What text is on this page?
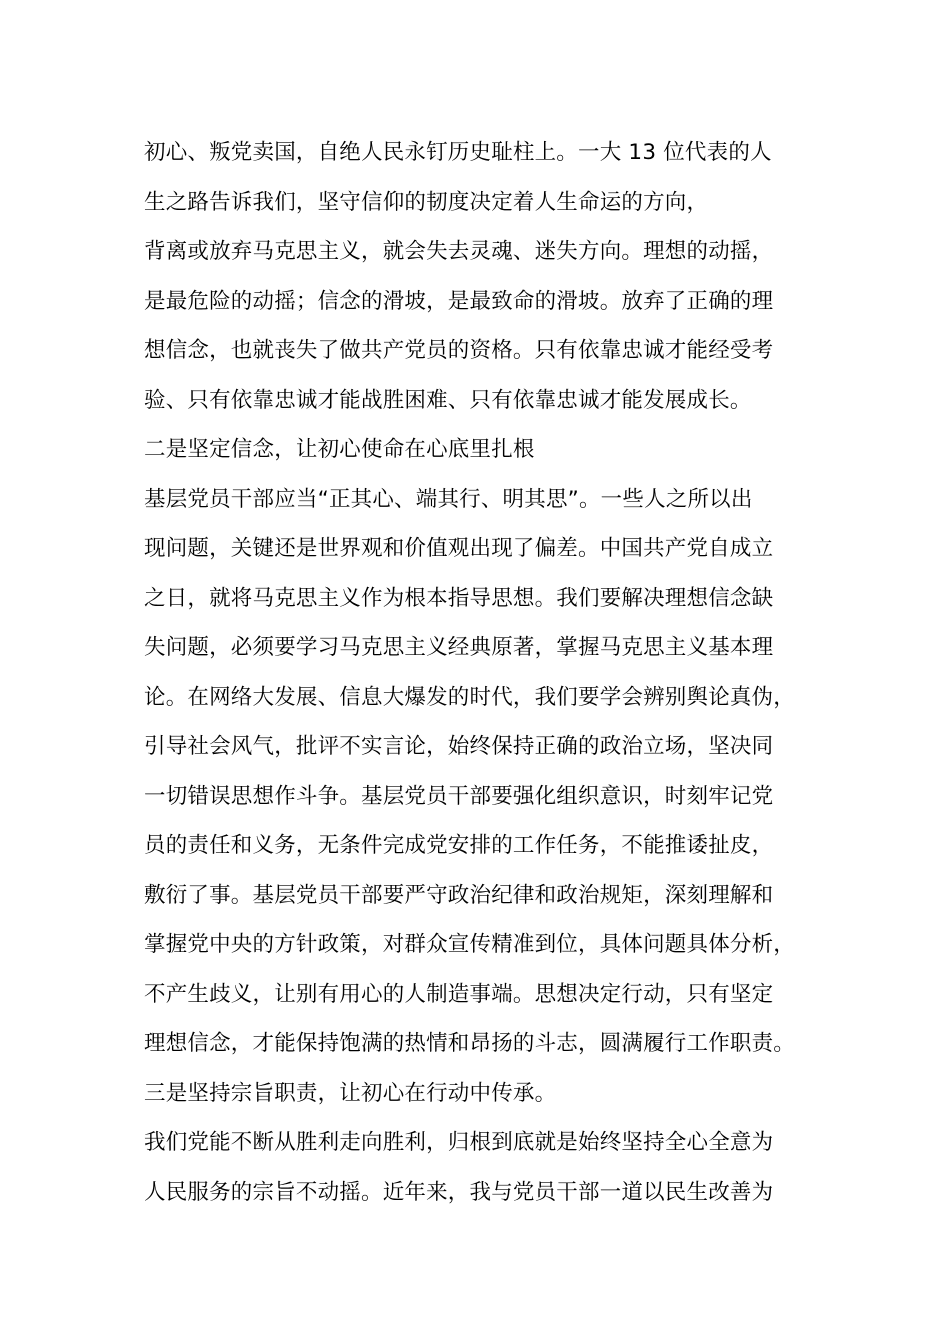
初心、叛党卖国，自绝人民永钉历史耻柱上。一大 13 位代表的人
生之路告诉我们，坚守信仰的韧度决定着人生命运的方向，
背离或放弃马克思主义，就会失去灵魂、迷失方向。理想的动摇，
是最危险的动摇；信念的滑坡，是最致命的滑坡。放弃了正确的理
想信念，也就丧失了做共产党员的资格。只有依靠忠诚才能经受考
验、只有依靠忠诚才能战胜困难、只有依靠忠诚才能发展成长。
二是坚定信念，让初心使命在心底里扎根
基层党员干部应当“正其心、端其行、明其思”。一些人之所以出
现问题，关键还是世界观和价值观出现了偏差。中国共产党自成立
之日，就将马克思主义作为根本指导思想。我们要解决理想信念缺
失问题，必须要学习马克思主义经典原著，掌握马克思主义基本理
论。在网络大发展、信息大爆发的时代，我们要学会辨别舆论真伪，
引导社会风气，批评不实言论，始终保持正确的政治立场，坚决同
一切错误思想作斗争。基层党员干部要强化组织意识，时刻牢记党
员的责任和义务，无条件完成党安排的工作任务，不能推诿扯皮，
敷衍了事。基层党员干部要严守政治纪律和政治规矩，深刻理解和
掌握党中央的方针政策，对群众宣传精准到位，具体问题具体分析，
不产生歧义，让别有用心的人制造事端。思想决定行动，只有坚定
理想信念，才能保持饱满的热情和昂扬的斗志，圆满履行工作职责。
三是坚持宗旨职责，让初心在行动中传承。
我们党能不断从胜利走向胜利，归根到底就是始终坚持全心全意为
人民服务的宗旨不动摇。近年来，我与党员干部一道以民生改善为
